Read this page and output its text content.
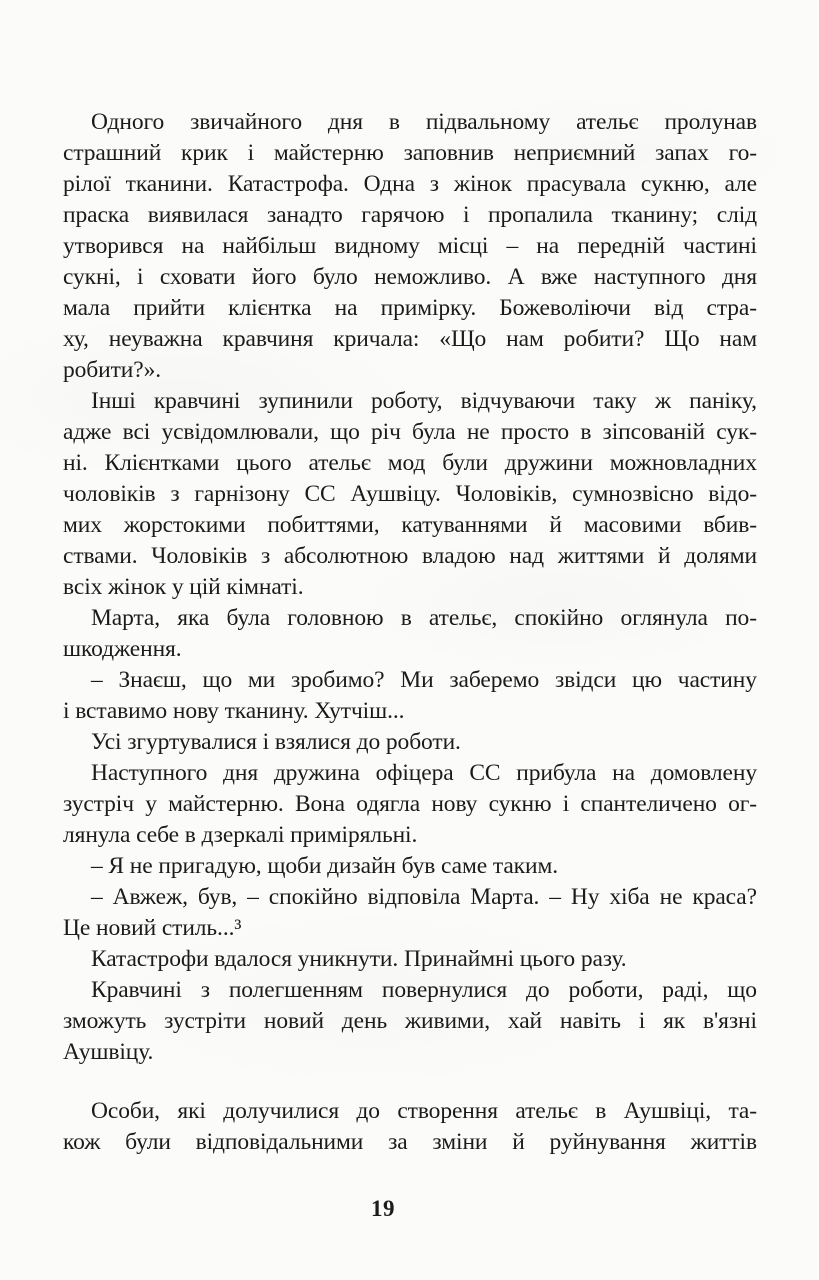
Одного звичайного дня в підвальному ательє пролунав
страшний крик і майстерню заповнив неприємний запах го-
рілої тканини. Катастрофа. Одна з жінок прасувала сукню, але
праска виявилася занадто гарячою і пропалила тканину; слід
утворився на найбільш видному місці – на передній частині
сукні, і сховати його було неможливо. А вже наступного дня
мала прийти клієнтка на примірку. Божеволіючи від стра-
ху, неуважна кравчиня кричала: «Що нам робити? Що нам
робити?».
Інші кравчині зупинили роботу, відчуваючи таку ж паніку,
адже всі усвідомлювали, що річ була не просто в зіпсованій сук-
ні. Клієнтками цього ательє мод були дружини можновладних
чоловіків з гарнізону СС Аушвіцу. Чоловіків, сумнозвісно відо-
мих жорстокими побиттями, катуваннями й масовими вбив-
ствами. Чоловіків з абсолютною владою над життями й долями
всіх жінок у цій кімнаті.
Марта, яка була головною в ательє, спокійно оглянула по-
шкодження.
– Знаєш, що ми зробимо? Ми заберемо звідси цю частину
і вставимо нову тканину. Хутчіш...
Усі згуртувалися і взялися до роботи.
Наступного дня дружина офіцера СС прибула на домовлену
зустріч у майстерню. Вона одягла нову сукню і спантеличено ог-
лянула себе в дзеркалі приміряльні.
– Я не пригадую, щоби дизайн був саме таким.
– Авжеж, був, – спокійно відповіла Марта. – Ну хіба не краса?
Це новий стиль...³
Катастрофи вдалося уникнути. Принаймні цього разу.
Кравчині з полегшенням повернулися до роботи, раді, що
зможуть зустріти новий день живими, хай навіть і як в'язні
Аушвіцу.
Особи, які долучилися до створення ательє в Аушвіці, та-
кож були відповідальними за зміни й руйнування життів
19
